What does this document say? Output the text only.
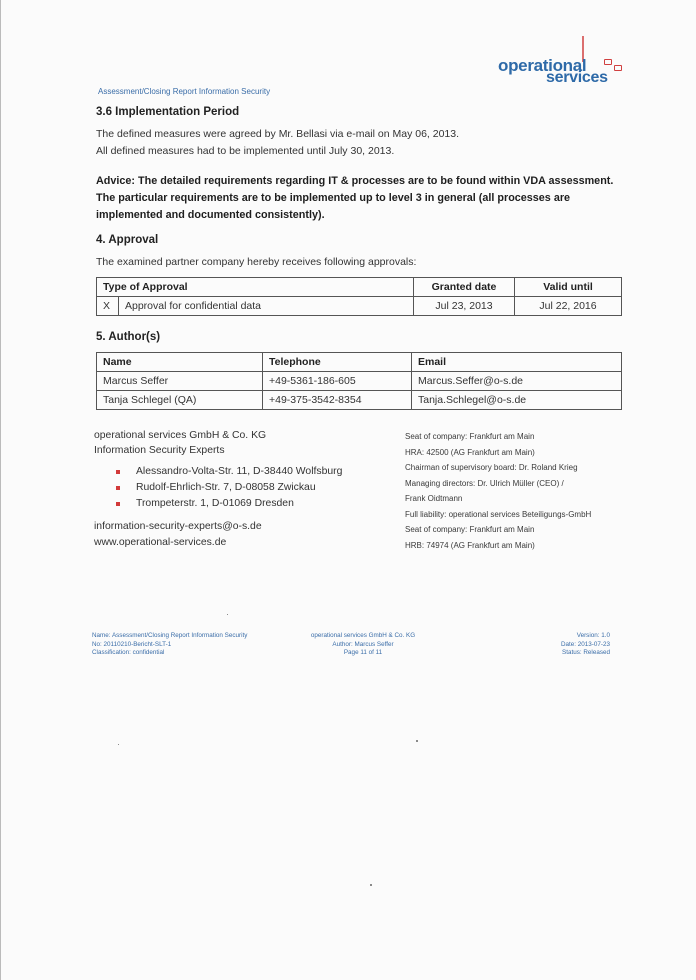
operational
services
Assessment/Closing Report Information Security
3.6 Implementation Period
The defined measures were agreed by Mr. Bellasi via e-mail on May 06, 2013.
All defined measures had to be implemented until July 30, 2013.
Advice: The detailed requirements regarding IT & processes are to be found within VDA assessment. The particular requirements are to be implemented up to level 3 in general (all processes are implemented and documented consistently).
4. Approval
The examined partner company hereby receives following approvals:
Type of Approval		Granted date	Valid until
X	Approval for confidential data	Jul 23, 2013	Jul 22, 2016
5. Author(s)
Name	Telephone	Email
Marcus Seffer	+49-5361-186-605	Marcus.Seffer@o-s.de
Tanja Schlegel (QA)	+49-375-3542-8354	Tanja.Schlegel@o-s.de
operational services GmbH & Co. KG
Information Security Experts
Alessandro-Volta-Str. 11, D-38440 Wolfsburg
Rudolf-Ehrlich-Str. 7, D-08058 Zwickau
Trompeterstr. 1, D-01069 Dresden
information-security-experts@o-s.de
www.operational-services.de
Seat of company: Frankfurt am Main
HRA: 42500 (AG Frankfurt am Main)
Chairman of supervisory board: Dr. Roland Krieg
Managing directors: Dr. Ulrich Müller (CEO) /
Frank Oidtmann
Full liability: operational services Beteiligungs-GmbH
Seat of company: Frankfurt am Main
HRB: 74974 (AG Frankfurt am Main)
Name: Assessment/Closing Report Information Security
No: 20110210-Bericht-SLT-1
Classification: confidential
operational services GmbH & Co. KG
Author: Marcus Seffer
Page 11 of 11
Version: 1.0
Date: 2013-07-23
Status: Released
